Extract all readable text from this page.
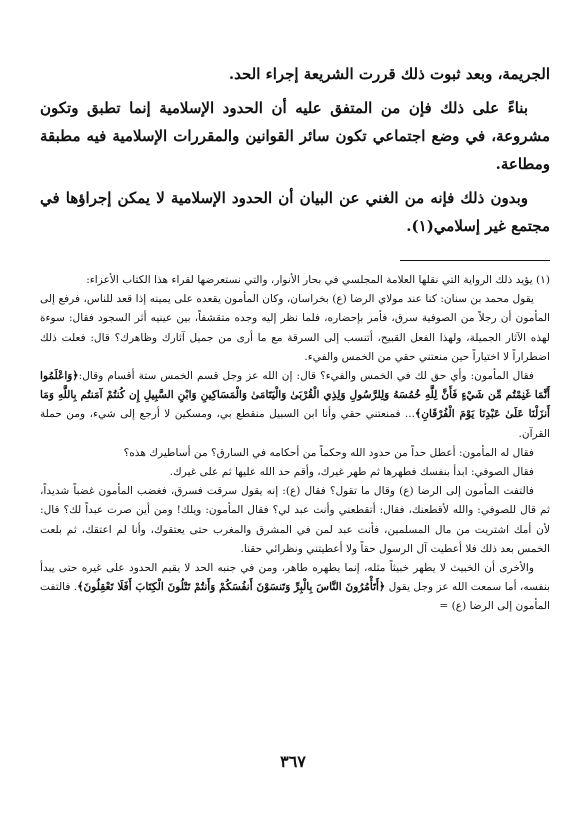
الجريمة، وبعد ثبوت ذلك قررت الشريعة إجراء الحد.

بناءً على ذلك فإن من المتفق عليه أن الحدود الإسلامية إنما تطبق وتكون مشروعة، في وضع اجتماعي تكون سائر القوانين والمقررات الإسلامية فيه مطبقة ومطاعة.

وبدون ذلك فإنه من الغني عن البيان أن الحدود الإسلامية لا يمكن إجراؤها في مجتمع غير إسلامي(١).

(١) يؤيد ذلك الرواية التي نقلها العلامة المجلسي في بحار الأنوار، والتي نستعرضها لقراء هذا الكتاب الأعزاء:

يقول محمد بن سنان: كنا عند مولاي الرضا (ع) بخراسان، وكان المأمون يقعده على يمينه إذا قعد للناس، فرفع إلى المأمون أن رجلاً من الصوفية سرق، فأمر بإحضاره، فلما نظر إليه وجده متقشفاً، بين عينيه أثر السجود فقال: سوءة لهذه الآثار الجميلة، ولهذا الفعل القبيح، أتنسب إلى السرقة مع ما أرى من جميل آثارك وظاهرك؟ قال: فعلت ذلك اضطراراً لا اختياراً حين منعتني حقي من الخمس والفيء.

فقال المأمون: وأي حق لك في الخمس والفيء؟ قال: إن الله عز وجل قسم الخمس ستة أقسام وقال:﴿وَاعْلَمُوا أَنَّمَا غَنِمْتُم مِّن شَيْءٍ فَأَنَّ لِلَّهِ خُمُسَهُ وَلِلرَّسُولِ وَلِذِي الْقُرْبَىٰ وَالْيَتَامَىٰ وَالْمَسَاكِينِ وَابْنِ السَّبِيلِ إِن كُنتُمْ آمَنتُم بِاللَّهِ وَمَا أَنزَلْنَا عَلَىٰ عَبْدِنَا يَوْمَ الْفُرْقَانِ﴾... فمنعتني حقي وأنا ابن السبيل منقطع بي، ومسكين لا أرجع إلى شيء، ومن حملة القرآن.

فقال له المأمون: أعطل حداً من حدود الله وحكماً من أحكامه في السارق؟ من أساطيرك هذه؟

فقال الصوفي: ابدأ بنفسك فطهرها ثم طهر غيرك، وأقم حد الله عليها ثم على غيرك.

فالتفت المأمون إلى الرضا (ع) وقال ما تقول؟ فقال (ع): إنه يقول سرقت فسرق، فغضب المأمون غضباً شديداً، ثم قال للصوفي: والله لأقطعنك، فقال: أتقطعني وأنت عبد لي؟ فقال المأمون: ويلك! ومن أين صرت عبداً لك؟ قال: لأن أمك اشتريت من مال المسلمين، فأنت عبد لمن في المشرق والمغرب حتى يعتقوك، وأنا لم اعتقك، ثم بلعت الخمس بعد ذلك فلا أعطيت آل الرسول حقاً ولا أعطيتني ونظرائي حقنا.

والأخرى أن الخبيث لا يطهر خبيثاً مثله، إنما يطهره طاهر، ومن في جنبه الحد لا يقيم الحدود على غيره حتى يبدأ بنفسه، أما سمعت الله عز وجل يقول ﴿أَتَأْمُرُونَ النَّاسَ بِالْبِرِّ وَتَنسَوْنَ أَنفُسَكُمْ وَأَنتُمْ تَتْلُونَ الْكِتَابَ أَفَلَا تَعْقِلُونَ﴾. فالتفت المأمون إلى الرضا (ع) =

٣٦٧
